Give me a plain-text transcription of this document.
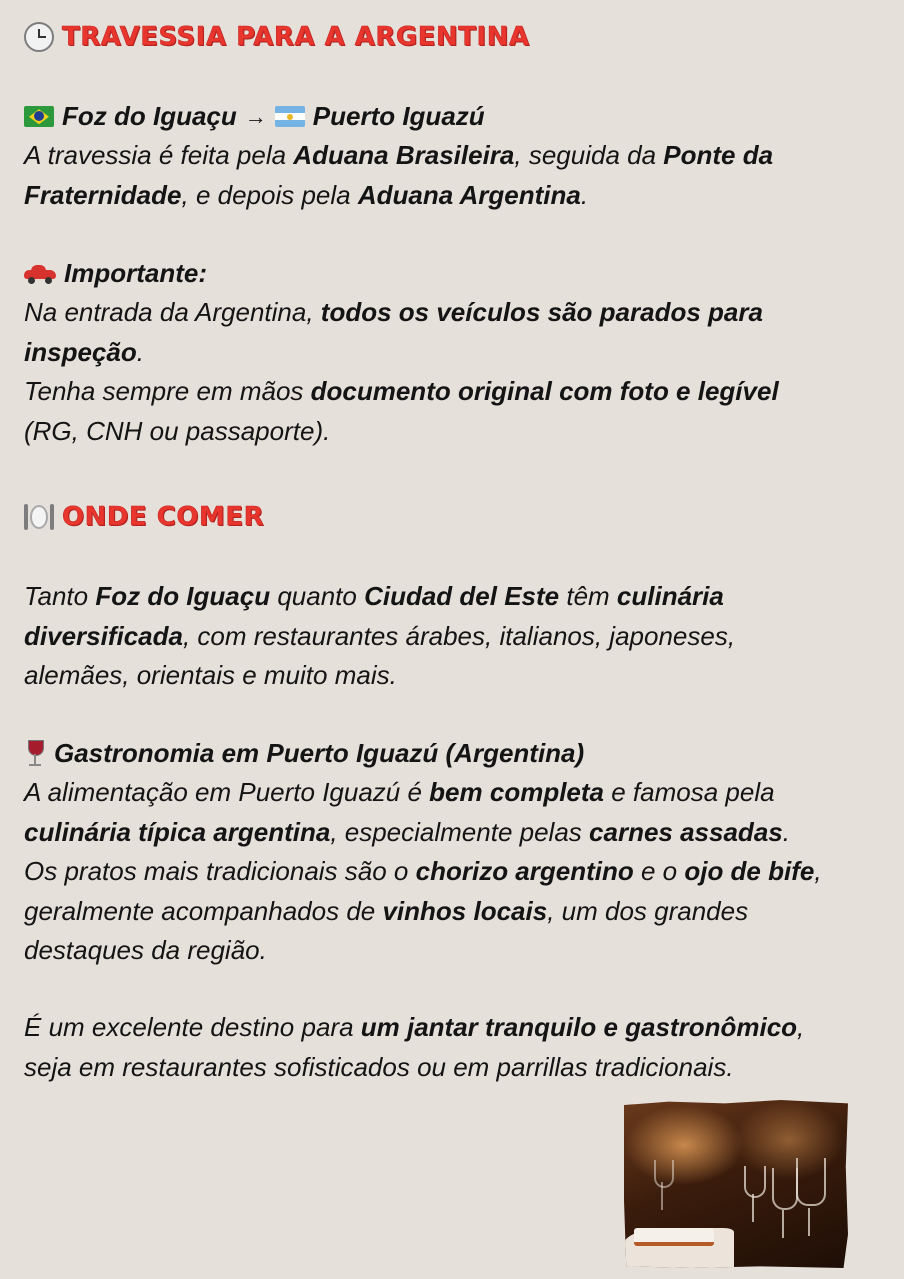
TRAVESSIA PARA A ARGENTINA
Foz do Iguaçu → Puerto Iguazú
A travessia é feita pela Aduana Brasileira, seguida da Ponte da
Fraternidade, e depois pela Aduana Argentina.
Importante:
Na entrada da Argentina, todos os veículos são parados para
inspeção.
Tenha sempre em mãos documento original com foto e legível
(RG, CNH ou passaporte).
ONDE COMER
Tanto Foz do Iguaçu quanto Ciudad del Este têm culinária
diversificada, com restaurantes árabes, italianos, japoneses,
alemães, orientais e muito mais.
Gastronomia em Puerto Iguazú (Argentina)
A alimentação em Puerto Iguazú é bem completa e famosa pela
culinária típica argentina, especialmente pelas carnes assadas.
Os pratos mais tradicionais são o chorizo argentino e o ojo de bife,
geralmente acompanhados de vinhos locais, um dos grandes
destaques da região.
É um excelente destino para um jantar tranquilo e gastronômico,
seja em restaurantes sofisticados ou em parrillas tradicionais.
